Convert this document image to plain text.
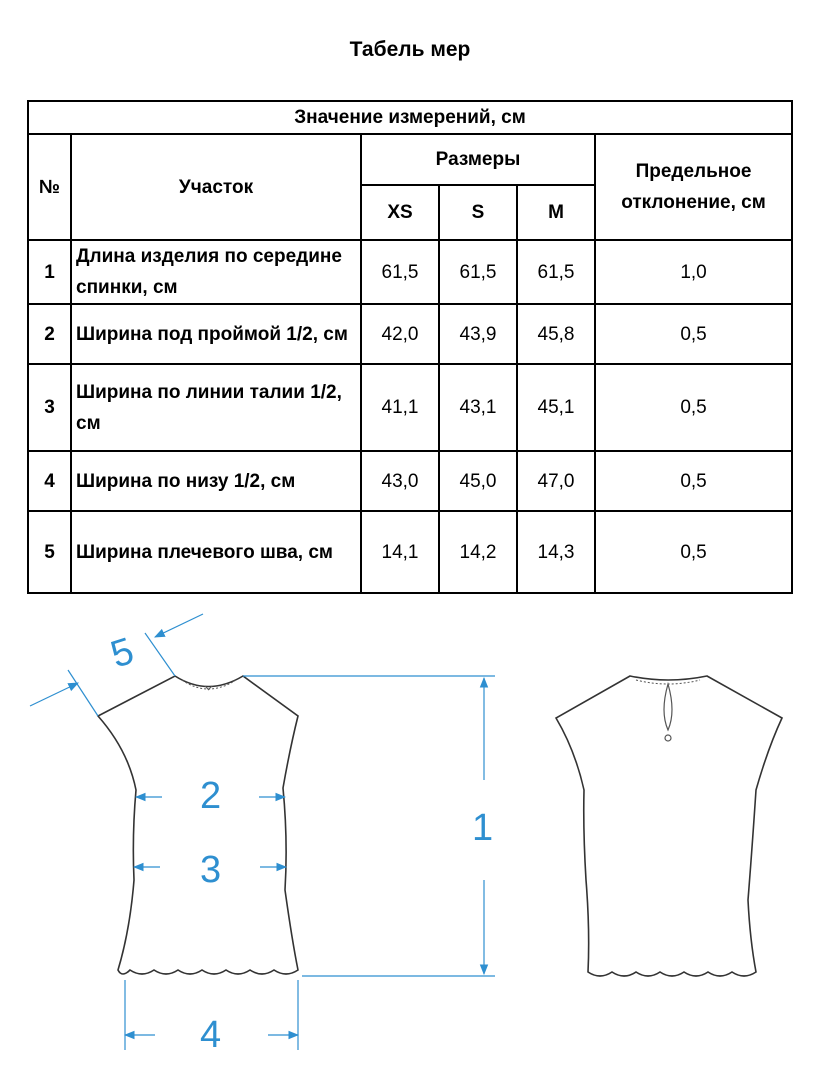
Табель мер
Значение измерений, см					
№	Участок	Размеры			Предельное отклонение, см
		XS	S	M	
1	Длина изделия по середине спинки, см	61,5	61,5	61,5	1,0
2	Ширина под проймой 1/2, см	42,0	43,9	45,8	0,5
3	Ширина по линии талии 1/2, см	41,1	43,1	45,1	0,5
4	Ширина по низу 1/2, см	43,0	45,0	47,0	0,5
5	Ширина плечевого шва, см	14,1	14,2	14,3	0,5
5
2
3
4
1
